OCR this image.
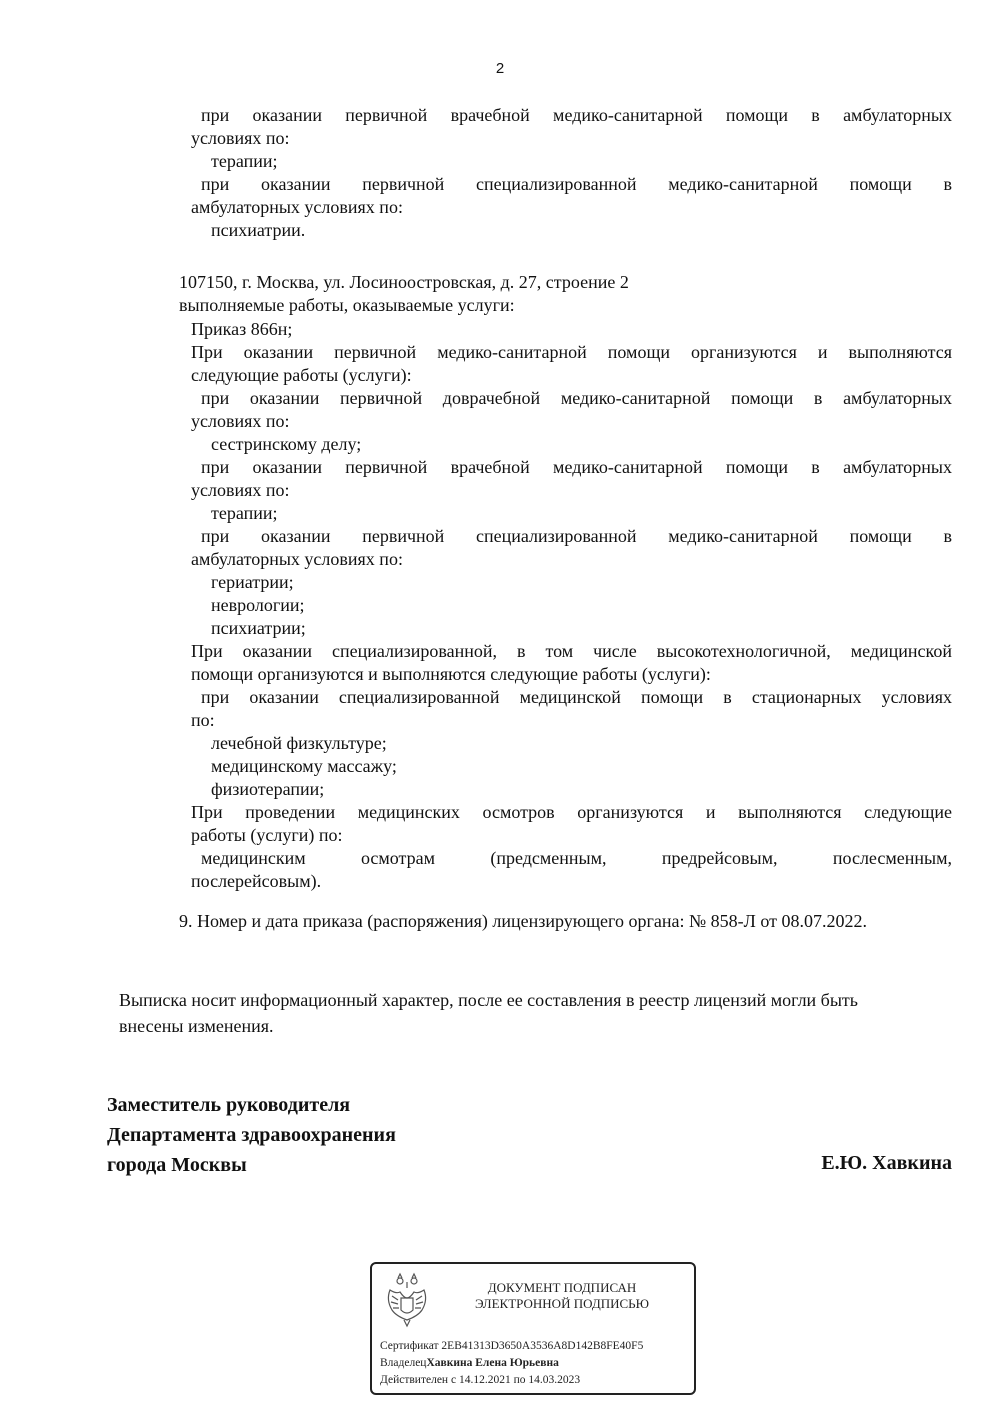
2
при оказании первичной врачебной медико-санитарной помощи в амбулаторных
условиях по:
терапии;
при оказании первичной специализированной медико-санитарной помощи в
амбулаторных условиях по:
психиатрии.
107150, г. Москва, ул. Лосиноостровская, д. 27, строение 2
выполняемые работы, оказываемые услуги:
Приказ 866н;
При оказании первичной медико-санитарной помощи организуются и выполняются
следующие работы (услуги):
при оказании первичной доврачебной медико-санитарной помощи в амбулаторных
условиях по:
сестринскому делу;
при оказании первичной врачебной медико-санитарной помощи в амбулаторных
условиях по:
терапии;
при оказании первичной специализированной медико-санитарной помощи в
амбулаторных условиях по:
гериатрии;
неврологии;
психиатрии;
При оказании специализированной, в том числе высокотехнологичной, медицинской
помощи организуются и выполняются следующие работы (услуги):
при оказании специализированной медицинской помощи в стационарных условиях
по:
лечебной физкультуре;
медицинскому массажу;
физиотерапии;
При проведении медицинских осмотров организуются и выполняются следующие
работы (услуги) по:
медицинским осмотрам (предсменным, предрейсовым, послесменным,
послерейсовым).
9. Номер и дата приказа (распоряжения) лицензирующего органа: № 858-Л от 08.07.2022.
Выписка носит информационный характер, после ее составления в реестр лицензий могли быть
внесены изменения.
Заместитель руководителя
Департамента здравоохранения
города Москвы	Е.Ю. Хавкина
ДОКУМЕНТ ПОДПИСАН
ЭЛЕКТРОННОЙ ПОДПИСЬЮ
Сертификат 2EB41313D3650A3536A8D142B8FE40F5
ВладелецХавкина Елена Юрьевна
Действителен с 14.12.2021 по 14.03.2023
